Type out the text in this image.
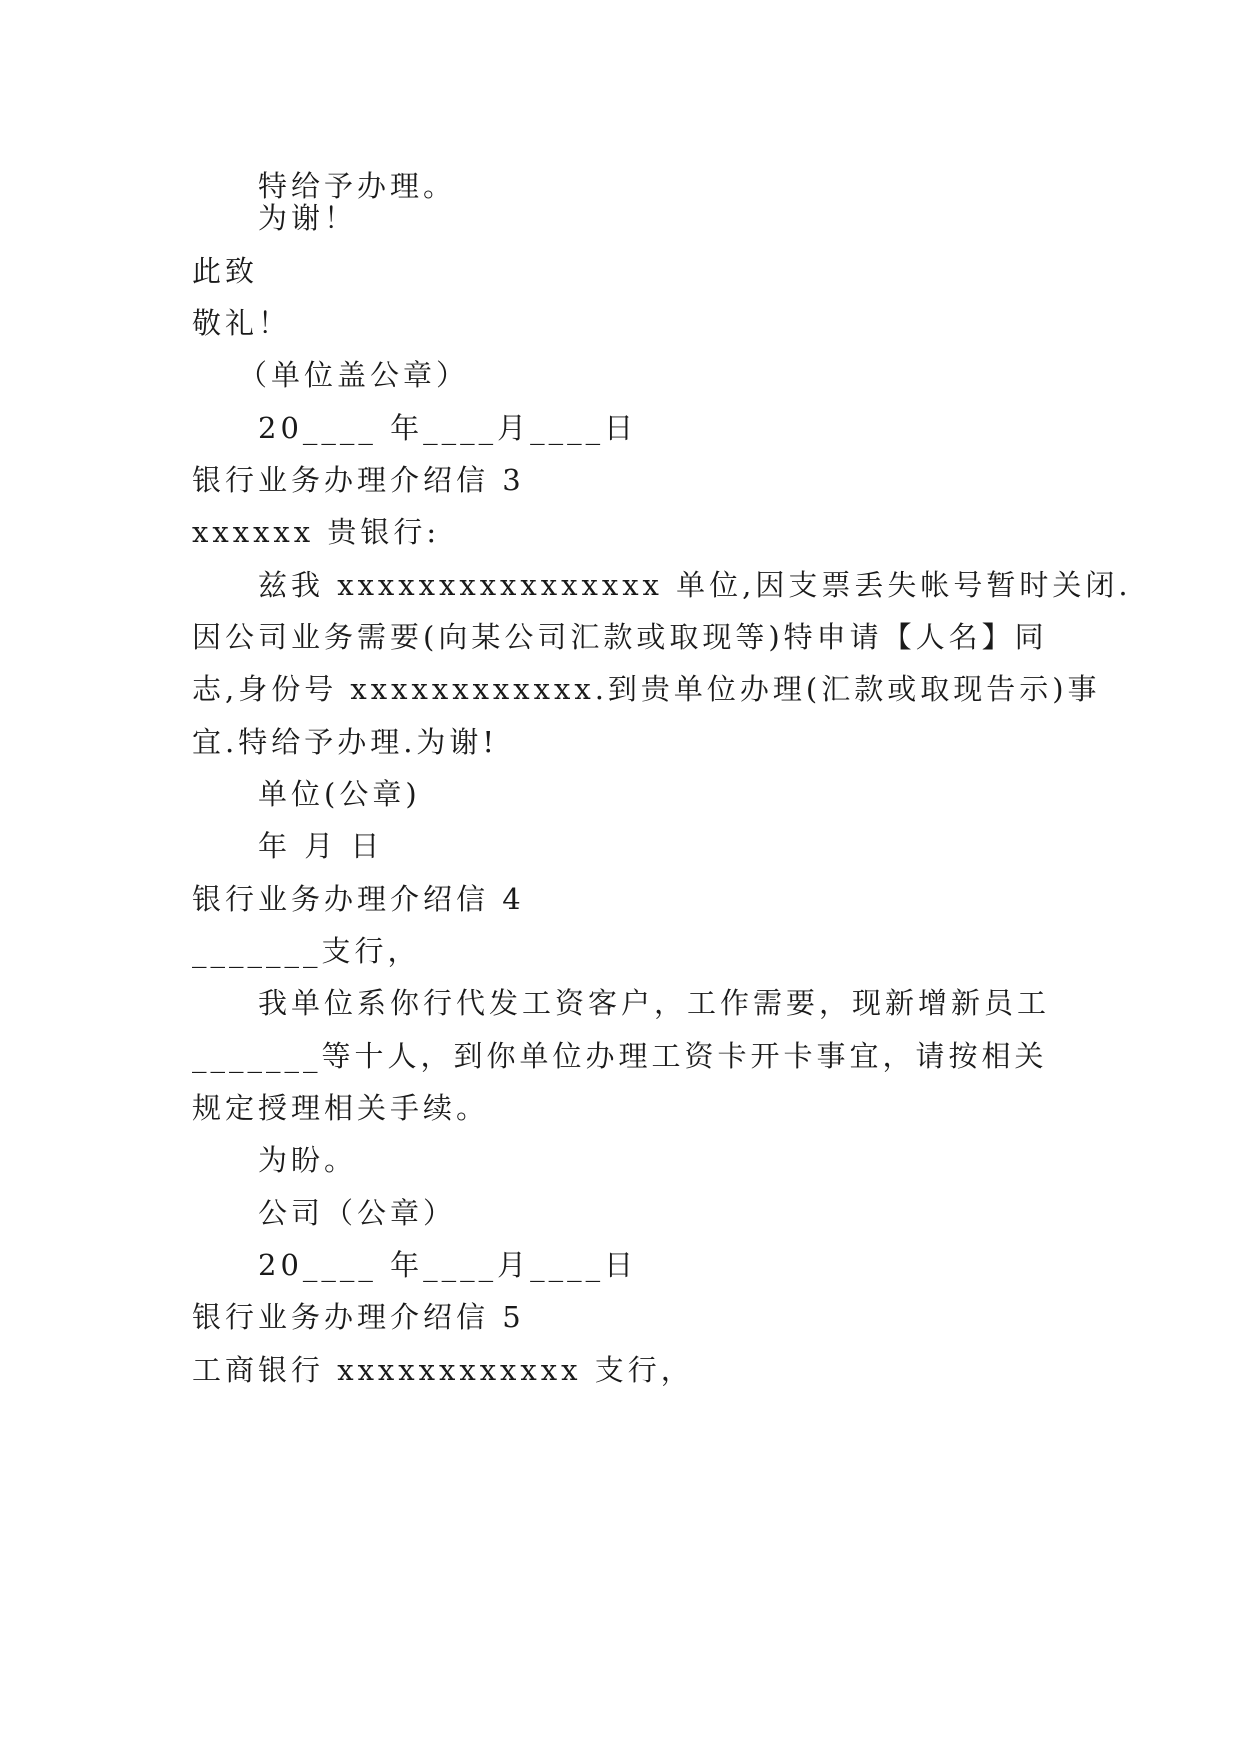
特给予办理。
为谢！
此致
敬礼！
（单位盖公章）
20____ 年____月____日
银行业务办理介绍信 3
xxxxxx 贵银行:
兹我 xxxxxxxxxxxxxxxx 单位,因支票丢失帐号暂时关闭.
因公司业务需要(向某公司汇款或取现等)特申请【人名】同
志,身份号 xxxxxxxxxxxx.到贵单位办理(汇款或取现告示)事
宜.特给予办理.为谢!
单位(公章)
年 月 日
银行业务办理介绍信 4
_______支行，
我单位系你行代发工资客户，工作需要，现新增新员工
_______等十人，到你单位办理工资卡开卡事宜，请按相关
规定授理相关手续。
为盼。
公司（公章）
20____ 年____月____日
银行业务办理介绍信 5
工商银行 xxxxxxxxxxxx 支行，
